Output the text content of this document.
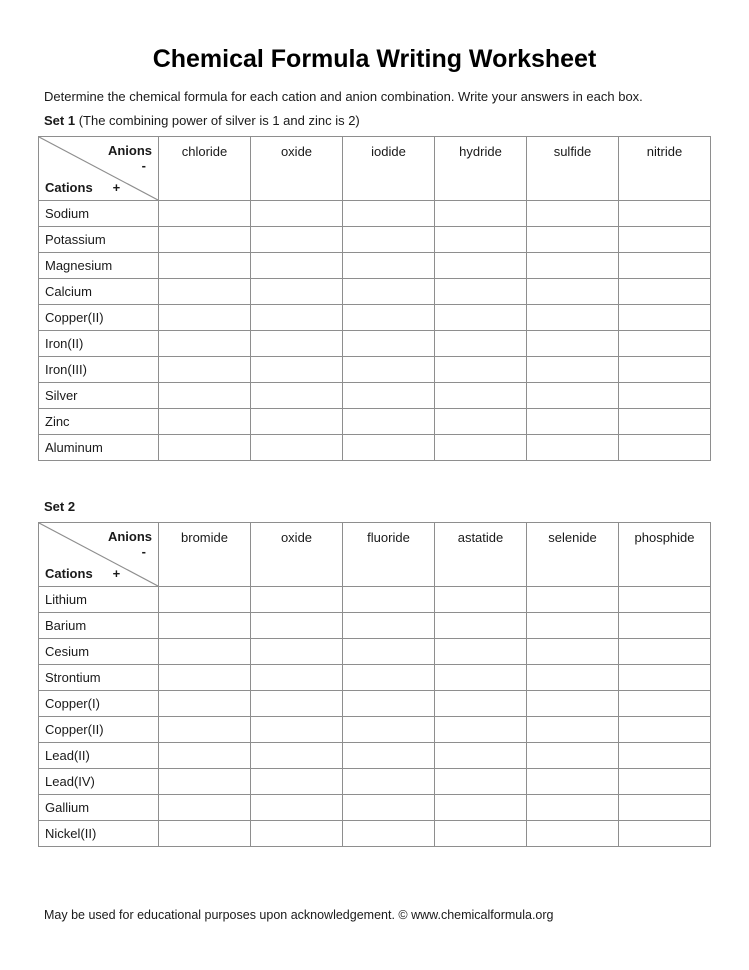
Chemical Formula Writing Worksheet

Determine the chemical formula for each cation and anion combination. Write your answers in each box.

Set 1 (The combining power of silver is 1 and zinc is 2)

Anions
-
Cations +	chloride	oxide	iodide	hydride	sulfide	nitride
Sodium						
Potassium						
Magnesium						
Calcium						
Copper(II)						
Iron(II)						
Iron(III)						
Silver						
Zinc						
Aluminum						

Set 2

Anions
-
Cations +	bromide	oxide	fluoride	astatide	selenide	phosphide
Lithium						
Barium						
Cesium						
Strontium						
Copper(I)						
Copper(II)						
Lead(II)						
Lead(IV)						
Gallium						
Nickel(II)						

May be used for educational purposes upon acknowledgement. © www.chemicalformula.org
